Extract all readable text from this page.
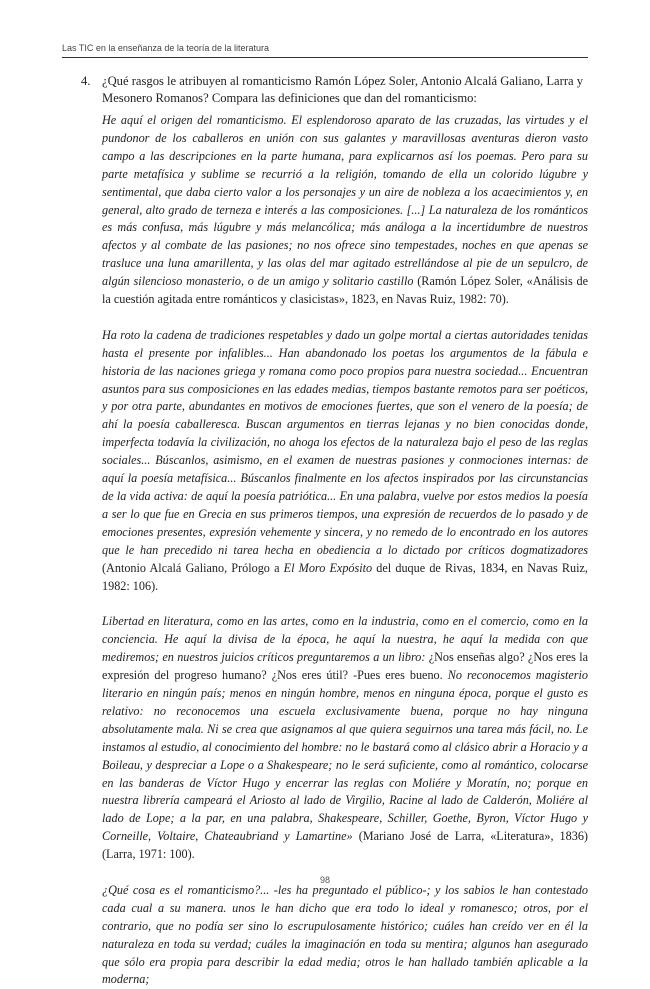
Las TIC en la enseñanza de la teoría de la literatura
4. ¿Qué rasgos le atribuyen al romanticismo Ramón López Soler, Antonio Alcalá Galiano, Larra y Mesonero Romanos? Compara las definiciones que dan del romanticismo:

He aquí el origen del romanticismo. El esplendoroso aparato de las cruzadas, las virtudes y el pundonor de los caballeros en unión con sus galantes y maravillosas aventuras dieron vasto campo a las descripciones en la parte humana, para explicarnos así los poemas. Pero para su parte metafísica y sublime se recurrió a la religión, tomando de ella un colorido lúgubre y sentimental, que daba cierto valor a los personajes y un aire de nobleza a los acaecimientos y, en general, alto grado de terneza e interés a las composiciones. [...] La naturaleza de los románticos es más confusa, más lúgubre y más melancólica; más análoga a la incertidumbre de nuestros afectos y al combate de las pasiones; no nos ofrece sino tempestades, noches en que apenas se trasluce una luna amarillenta, y las olas del mar agitado estrellándose al pie de un sepulcro, de algún silencioso monasterio, o de un amigo y solitario castillo (Ramón López Soler, «Análisis de la cuestión agitada entre románticos y clasicistas», 1823, en Navas Ruiz, 1982: 70).

Ha roto la cadena de tradiciones respetables y dado un golpe mortal a ciertas autoridades tenidas hasta el presente por infalibles... Han abandonado los poetas los argumentos de la fábula e historia de las naciones griega y romana como poco propios para nuestra sociedad... Encuentran asuntos para sus composiciones en las edades medias, tiempos bastante remotos para ser poéticos, y por otra parte, abundantes en motivos de emociones fuertes, que son el venero de la poesía; de ahí la poesía caballeresca. Buscan argumentos en tierras lejanas y no bien conocidas donde, imperfecta todavía la civilización, no ahoga los efectos de la naturaleza bajo el peso de las reglas sociales... Búscanlos, asimismo, en el examen de nuestras pasiones y conmociones internas: de aquí la poesía metafísica... Búscanlos finalmente en los afectos inspirados por las circunstancias de la vida activa: de aquí la poesía patriótica... En una palabra, vuelve por estos medios la poesía a ser lo que fue en Grecia en sus primeros tiempos, una expresión de recuerdos de lo pasado y de emociones presentes, expresión vehemente y sincera, y no remedo de lo encontrado en los autores que le han precedido ni tarea hecha en obediencia a lo dictado por críticos dogmatizadores (Antonio Alcalá Galiano, Prólogo a El Moro Expósito del duque de Rivas, 1834, en Navas Ruiz, 1982: 106).

Libertad en literatura, como en las artes, como en la industria, como en el comercio, como en la conciencia. He aquí la divisa de la época, he aquí la nuestra, he aquí la medida con que mediremos; en nuestros juicios críticos preguntaremos a un libro: ¿Nos enseñas algo? ¿Nos eres la expresión del progreso humano? ¿Nos eres útil? -Pues eres bueno. No reconocemos magisterio literario en ningún país; menos en ningún hombre, menos en ninguna época, porque el gusto es relativo: no reconocemos una escuela exclusivamente buena, porque no hay ninguna absolutamente mala. Ni se crea que asignamos al que quiera seguirnos una tarea más fácil, no. Le instamos al estudio, al conocimiento del hombre: no le bastará como al clásico abrir a Horacio y a Boileau, y despreciar a Lope o a Shakespeare; no le será suficiente, como al romántico, colocarse en las banderas de Víctor Hugo y encerrar las reglas con Moliére y Moratín, no; porque en nuestra librería campeará el Ariosto al lado de Virgilio, Racine al lado de Calderón, Moliére al lado de Lope; a la par, en una palabra, Shakespeare, Schiller, Goethe, Byron, Víctor Hugo y Corneille, Voltaire, Chateaubriand y Lamartine» (Mariano José de Larra, «Literatura», 1836) (Larra, 1971: 100).

¿Qué cosa es el romanticismo?... -les ha preguntado el público-; y los sabios le han contestado cada cual a su manera. unos le han dicho que era todo lo ideal y romanesco; otros, por el contrario, que no podía ser sino lo escrupulosamente histórico; cuáles han creído ver en él la naturaleza en toda su verdad; cuáles la imaginación en toda su mentira; algunos han asegurado que sólo era propia para describir la edad media; otros le han hallado también aplicable a la moderna;

98
